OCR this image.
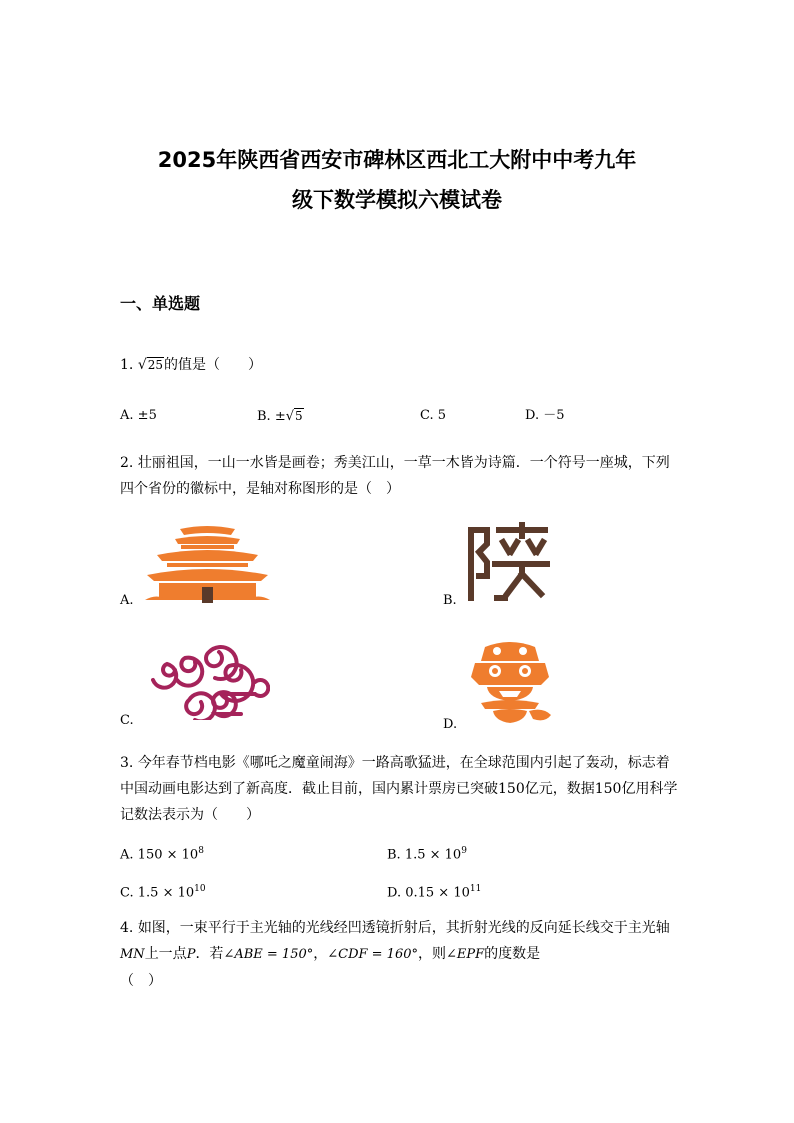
2025年陕西省西安市碑林区西北工大附中中考九年
级下数学模拟六模试卷
一、单选题
1. √25的值是（　　）
A. ±5	B. ±√5	C. 5	D. －5
2. 壮丽祖国，一山一水皆是画卷；秀美江山，一草一木皆为诗篇．一个符号一座城，下列四个省份的徽标中，是轴对称图形的是（　）
A.	B.
C.	D.
3. 今年春节档电影《哪吒之魔童闹海》一路高歌猛进，在全球范围内引起了轰动，标志着中国动画电影达到了新高度．截止目前，国内累计票房已突破150亿元，数据150亿用科学记数法表示为（　　）
A. $150 \times 10^8$	B. $1.5 \times 10^9$
C. $1.5 \times 10^{10}$	D. $0.15 \times 10^{11}$
4. 如图，一束平行于主光轴的光线经凹透镜折射后，其折射光线的反向延长线交于主光轴MN上一点P．若∠ABE = 150°，∠CDF = 160°，则∠EPF的度数是
（　）
